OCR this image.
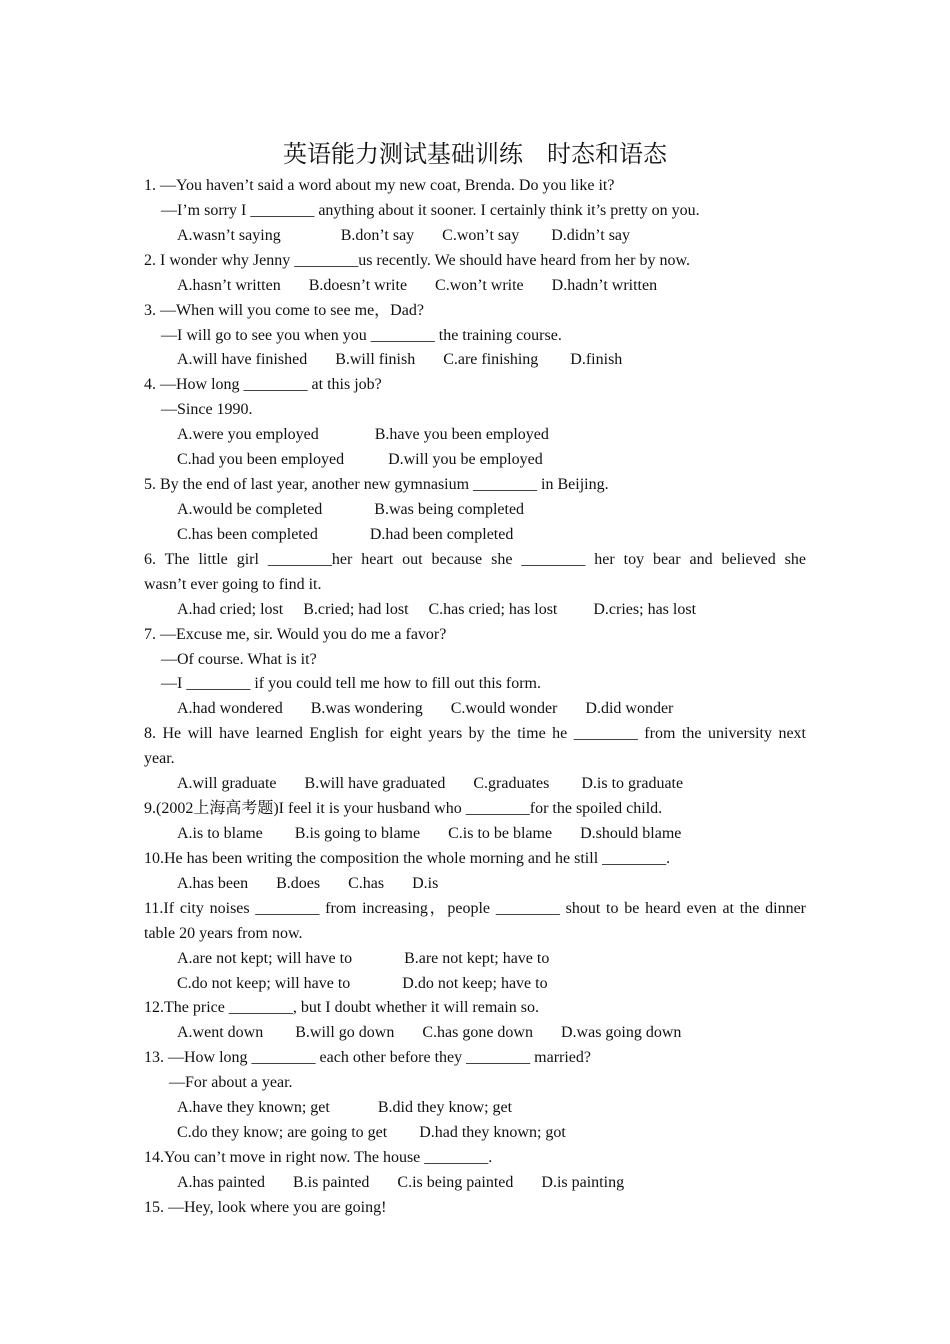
英语能力测试基础训练　时态和语态
1. —You haven’t said a word about my new coat, Brenda. Do you like it?
—I’m sorry I ________ anything about it sooner. I certainly think it’s pretty on you.
A.wasn’t saying               B.don’t say       C.won’t say        D.didn’t say
2. I wonder why Jenny ________us recently. We should have heard from her by now.
A.hasn’t written       B.doesn’t write       C.won’t write       D.hadn’t written
3. —When will you come to see me，Dad?
—I will go to see you when you ________ the training course.
A.will have finished       B.will finish       C.are finishing        D.finish
4. —How long ________ at this job?
—Since 1990.
A.were you employed              B.have you been employed
C.had you been employed           D.will you be employed
5. By the end of last year, another new gymnasium ________ in Beijing.
A.would be completed             B.was being completed
C.has been completed             D.had been completed
6. The little girl ________her heart out because she ________ her toy bear and believed she
wasn’t ever going to find it.
A.had cried; lost     B.cried; had lost     C.has cried; has lost         D.cries; has lost
7. —Excuse me, sir. Would you do me a favor?
—Of course. What is it?
—I ________ if you could tell me how to fill out this form.
A.had wondered       B.was wondering       C.would wonder       D.did wonder
8. He will have learned English for eight years by the time he ________ from the university next
year.
A.will graduate       B.will have graduated       C.graduates        D.is to graduate
9.(2002上海高考题)I feel it is your husband who ________for the spoiled child.
A.is to blame        B.is going to blame       C.is to be blame       D.should blame
10.He has been writing the composition the whole morning and he still ________.
A.has been       B.does       C.has       D.is
11.If city noises ________ from increasing，people ________ shout to be heard even at the dinner
table 20 years from now.
A.are not kept; will have to             B.are not kept; have to
C.do not keep; will have to             D.do not keep; have to
12.The price ________, but I doubt whether it will remain so.
A.went down        B.will go down       C.has gone down       D.was going down
13. —How long ________ each other before they ________ married?
—For about a year.
A.have they known; get            B.did they know; get
C.do they know; are going to get        D.had they known; got
14.You can’t move in right now. The house ________.
A.has painted       B.is painted       C.is being painted       D.is painting
15. —Hey, look where you are going!
